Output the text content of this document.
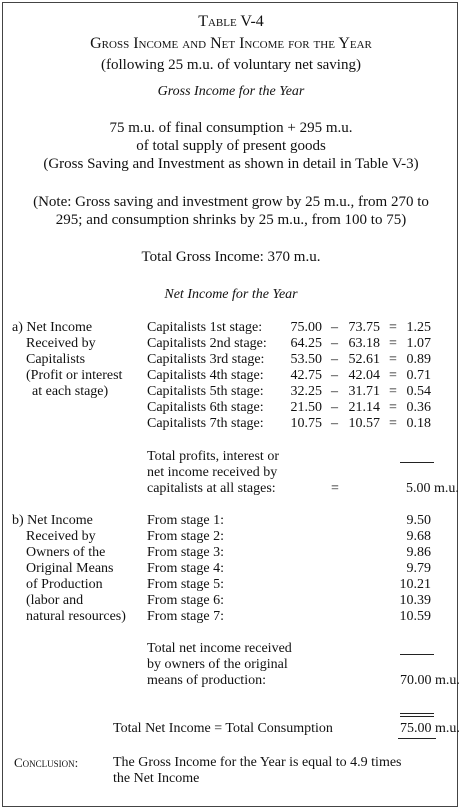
Table V-4
Gross Income and Net Income for the Year
(following 25 m.u. of voluntary net saving)
Gross Income for the Year
75 m.u. of final consumption + 295 m.u.
of total supply of present goods
(Gross Saving and Investment as shown in detail in Table V-3)
(Note: Gross saving and investment grow by 25 m.u., from 270 to
295; and consumption shrinks by 25 m.u., from 100 to 75)
Total Gross Income: 370 m.u.
Net Income for the Year
a) Net Income
Received by
Capitalists
(Profit or interest
at each stage)
Capitalists 1st stage:	75.00 – 73.75 = 1.25
Capitalists 2nd stage:	64.25 – 63.18 = 1.07
Capitalists 3rd stage:	53.50 – 52.61 = 0.89
Capitalists 4th stage:	42.75 – 42.04 = 0.71
Capitalists 5th stage:	32.25 – 31.71 = 0.54
Capitalists 6th stage:	21.50 – 21.14 = 0.36
Capitalists 7th stage:	10.75 – 10.57 = 0.18
Total profits, interest or
net income received by
capitalists at all stages:	=	5.00 m.u.
b) Net Income
Received by
Owners of the
Original Means
of Production
(labor and
natural resources)
From stage 1:	9.50
From stage 2:	9.68
From stage 3:	9.86
From stage 4:	9.79
From stage 5:	10.21
From stage 6:	10.39
From stage 7:	10.59
Total net income received
by owners of the original
means of production:	70.00 m.u.
Total Net Income = Total Consumption	75.00 m.u.
Conclusion: The Gross Income for the Year is equal to 4.9 times
the Net Income
